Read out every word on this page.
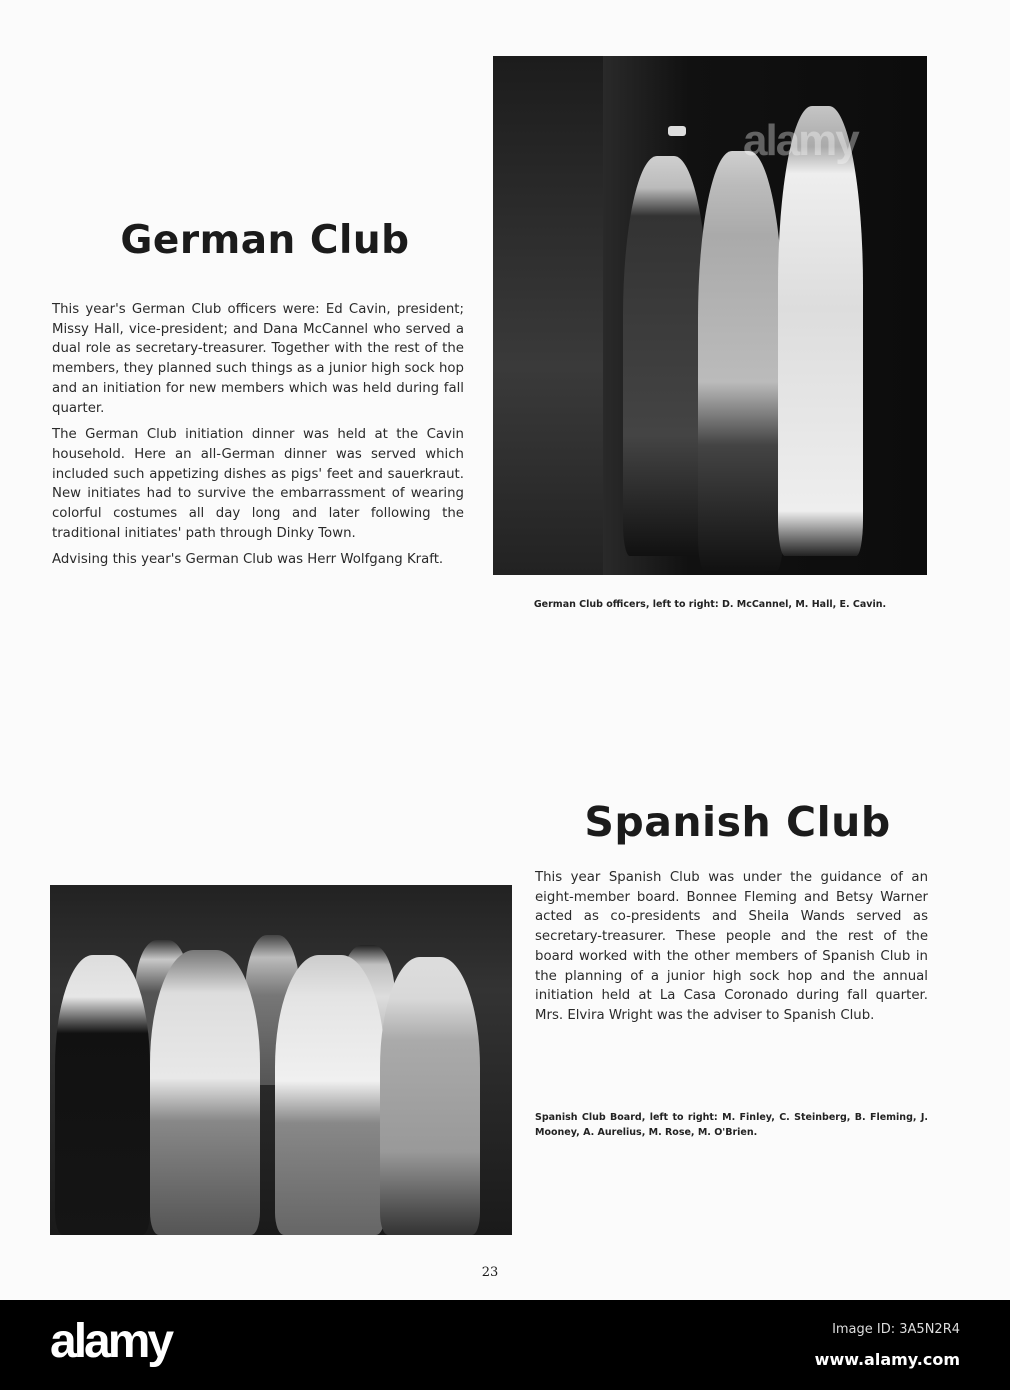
German Club

This year's German Club officers were: Ed Cavin, president; Missy Hall, vice-president; and Dana McCannel who served a dual role as secretary-treasurer. Together with the rest of the members, they planned such things as a junior high sock hop and an initiation for new members which was held during fall quarter.

The German Club initiation dinner was held at the Cavin household. Here an all-German dinner was served which included such appetizing dishes as pigs' feet and sauerkraut. New initiates had to survive the embarrassment of wearing colorful costumes all day long and later following the traditional initiates' path through Dinky Town.

Advising this year's German Club was Herr Wolfgang Kraft.

alamy
German Club officers, left to right: D. McCannel, M. Hall, E. Cavin.
Spanish Club

This year Spanish Club was under the guidance of an eight-member board. Bonnee Fleming and Betsy Warner acted as co-presidents and Sheila Wands served as secretary-treasurer. These people and the rest of the board worked with the other members of Spanish Club in the planning of a junior high sock hop and the annual initiation held at La Casa Coronado during fall quarter. Mrs. Elvira Wright was the adviser to Spanish Club.

Spanish Club Board, left to right: M. Finley, C. Steinberg, B. Fleming, J. Mooney, A. Aurelius, M. Rose, M. O'Brien.
23
alamy	Image ID: 3A5N2R4
www.alamy.com
